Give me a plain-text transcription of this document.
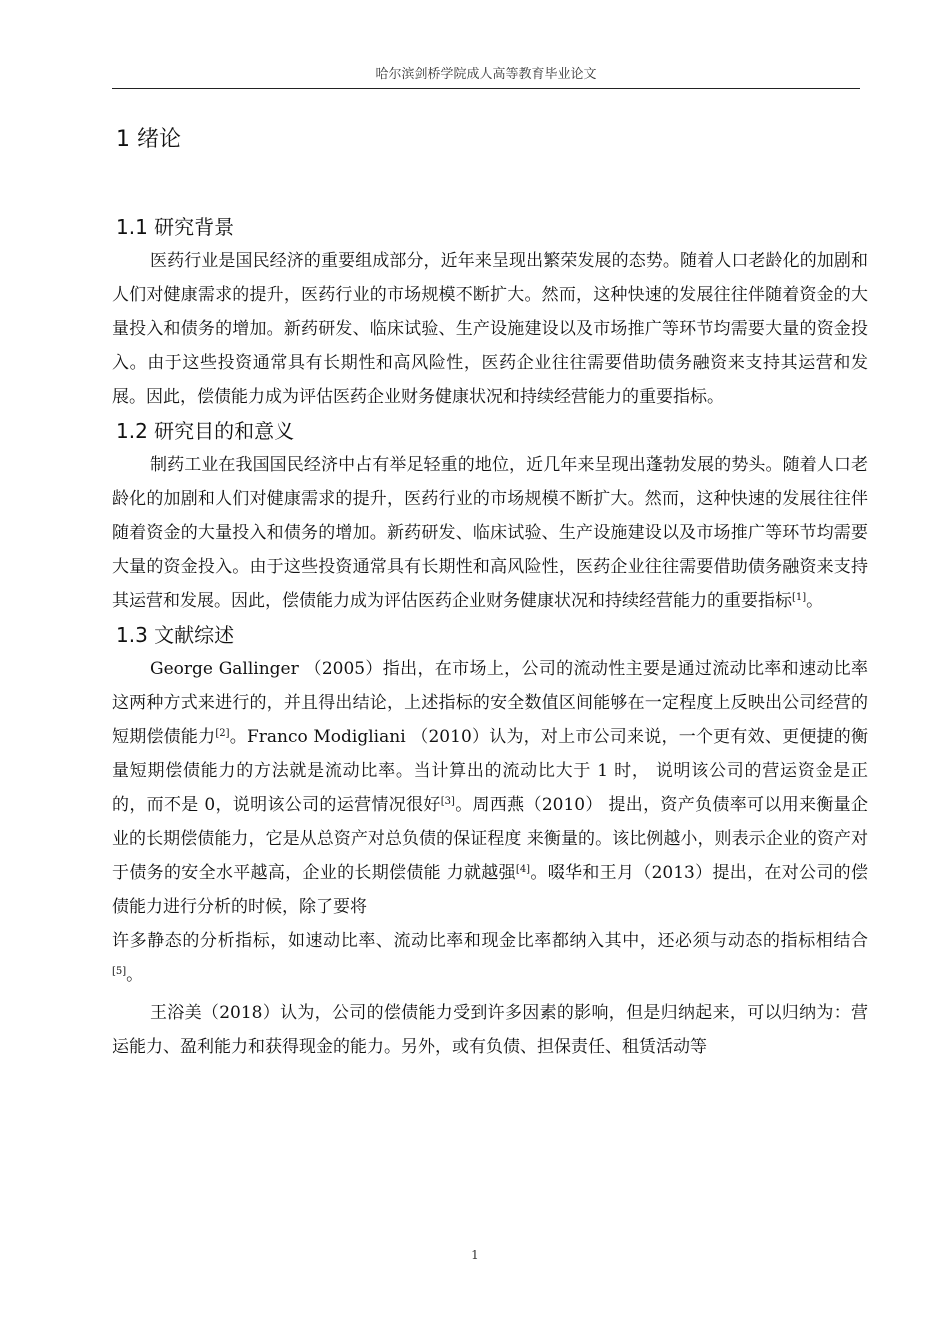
哈尔滨剑桥学院成人高等教育毕业论文
1 绪论
1.1 研究背景

医药行业是国民经济的重要组成部分，近年来呈现出繁荣发展的态势。随着人口老龄化的加剧和人们对健康需求的提升，医药行业的市场规模不断扩大。然而，这种快速的发展往往伴随着资金的大量投入和债务的增加。新药研发、临床试验、生产设施建设以及市场推广等环节均需要大量的资金投入。由于这些投资通常具有长期性和高风险性，医药企业往往需要借助债务融资来支持其运营和发展。因此，偿债能力成为评估医药企业财务健康状况和持续经营能力的重要指标。

1.2 研究目的和意义

制药工业在我国国民经济中占有举足轻重的地位，近几年来呈现出蓬勃发展的势头。随着人口老龄化的加剧和人们对健康需求的提升，医药行业的市场规模不断扩大。然而，这种快速的发展往往伴随着资金的大量投入和债务的增加。新药研发、临床试验、生产设施建设以及市场推广等环节均需要大量的资金投入。由于这些投资通常具有长期性和高风险性，医药企业往往需要借助债务融资来支持其运营和发展。因此，偿债能力成为评估医药企业财务健康状况和持续经营能力的重要指标[1]。

1.3 文献综述

George Gallinger （2005）指出，在市场上，公司的流动性主要是通过流动比率和速动比率这两种方式来进行的，并且得出结论，上述指标的安全数值区间能够在一定程度上反映出公司经营的短期偿债能力[2]。Franco Modigliani （2010）认为，对上市公司来说，一个更有效、更便捷的衡量短期偿债能力的方法就是流动比率。当计算出的流动比大于 1 时， 说明该公司的营运资金是正的，而不是 0，说明该公司的运营情况很好[3]。周西燕（2010） 提出，资产负债率可以用来衡量企业的长期偿债能力，它是从总资产对总负债的保证程度 来衡量的。该比例越小，则表示企业的资产对于债务的安全水平越高，企业的长期偿债能 力就越强[4]。啜华和王月（2013）提出，在对公司的偿债能力进行分析的时候，除了要将

许多静态的分析指标，如速动比率、流动比率和现金比率都纳入其中，还必须与动态的指标相结合[5]。

王浴美（2018）认为，公司的偿债能力受到许多因素的影响，但是归纳起来，可以归纳为：营运能力、盈利能力和获得现金的能力。另外，或有负债、担保责任、租赁活动等

1
